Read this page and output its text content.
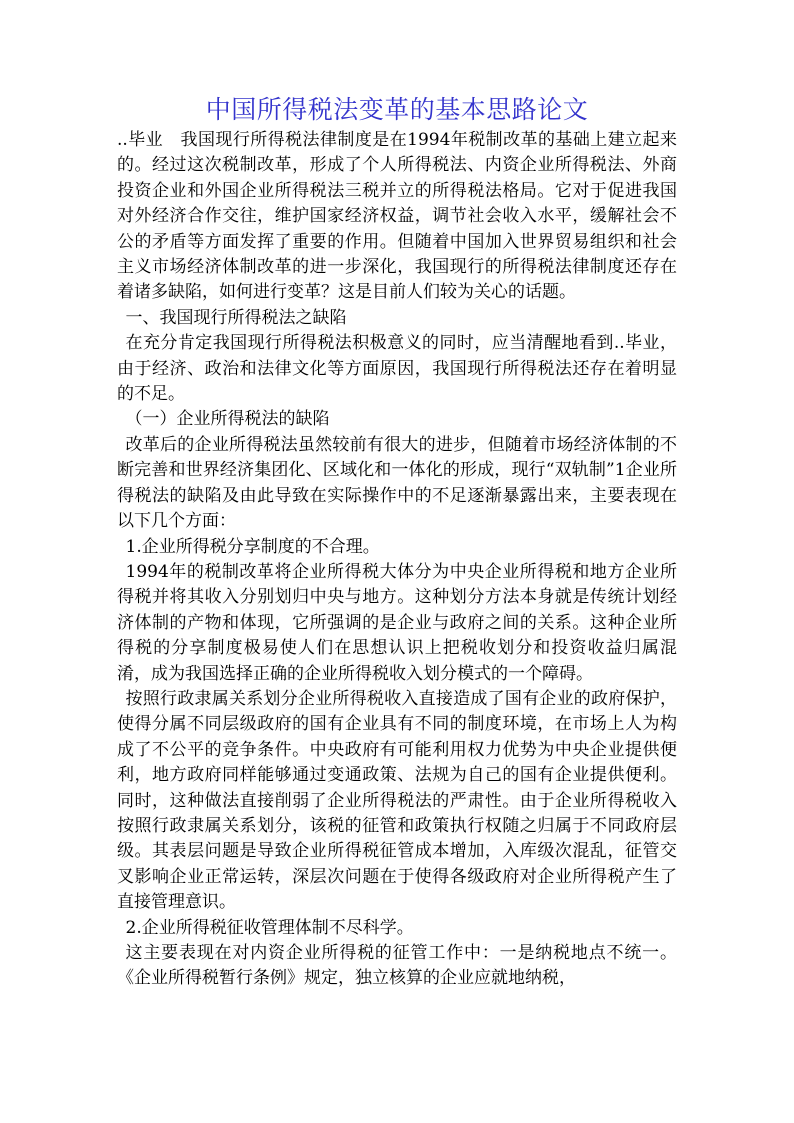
中国所得税法变革的基本思路论文

..毕业　我国现行所得税法律制度是在1994年税制改革的基础上建立起来的。经过这次税制改革，形成了个人所得税法、内资企业所得税法、外商投资企业和外国企业所得税法三税并立的所得税法格局。它对于促进我国对外经济合作交往，维护国家经济权益，调节社会收入水平，缓解社会不公的矛盾等方面发挥了重要的作用。但随着中国加入世界贸易组织和社会主义市场经济体制改革的进一步深化，我国现行的所得税法律制度还存在着诸多缺陷，如何进行变革？这是目前人们较为关心的话题。

一、我国现行所得税法之缺陷

在充分肯定我国现行所得税法积极意义的同时，应当清醒地看到..毕业，由于经济、政治和法律文化等方面原因，我国现行所得税法还存在着明显的不足。

（一）企业所得税法的缺陷

改革后的企业所得税法虽然较前有很大的进步，但随着市场经济体制的不断完善和世界经济集团化、区域化和一体化的形成，现行“双轨制”1企业所得税法的缺陷及由此导致在实际操作中的不足逐渐暴露出来，主要表现在以下几个方面：

1.企业所得税分享制度的不合理。

1994年的税制改革将企业所得税大体分为中央企业所得税和地方企业所得税并将其收入分别划归中央与地方。这种划分方法本身就是传统计划经济体制的产物和体现，它所强调的是企业与政府之间的关系。这种企业所得税的分享制度极易使人们在思想认识上把税收划分和投资收益归属混淆，成为我国选择正确的企业所得税收入划分模式的一个障碍。

按照行政隶属关系划分企业所得税收入直接造成了国有企业的政府保护，使得分属不同层级政府的国有企业具有不同的制度环境，在市场上人为构成了不公平的竞争条件。中央政府有可能利用权力优势为中央企业提供便利，地方政府同样能够通过变通政策、法规为自己的国有企业提供便利。同时，这种做法直接削弱了企业所得税法的严肃性。由于企业所得税收入按照行政隶属关系划分，该税的征管和政策执行权随之归属于不同政府层级。其表层问题是导致企业所得税征管成本增加，入库级次混乱，征管交叉影响企业正常运转，深层次问题在于使得各级政府对企业所得税产生了直接管理意识。

2.企业所得税征收管理体制不尽科学。

这主要表现在对内资企业所得税的征管工作中：一是纳税地点不统一。《企业所得税暂行条例》规定，独立核算的企业应就地纳税，
